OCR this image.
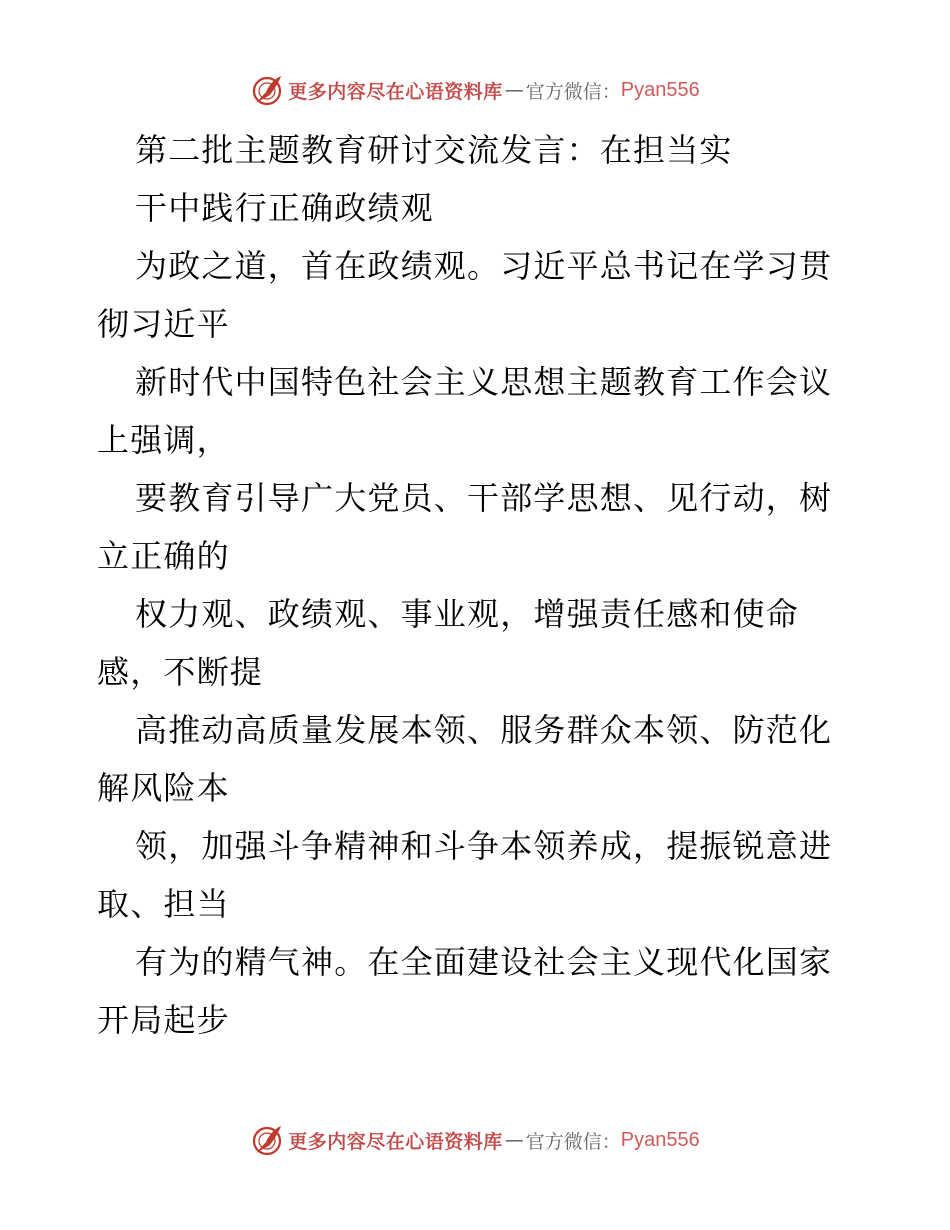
更多内容尽在心语资料库 — 官方微信： Pyan556
第二批主题教育研讨交流发言：在担当实
干中践行正确政绩观
为政之道，首在政绩观。习近平总书记在学习贯
彻习近平
新时代中国特色社会主义思想主题教育工作会议
上强调，
要教育引导广大党员、干部学思想、见行动，树
立正确的
权力观、政绩观、事业观，增强责任感和使命
感，不断提
高推动高质量发展本领、服务群众本领、防范化
解风险本
领，加强斗争精神和斗争本领养成，提振锐意进
取、担当
有为的精气神。在全面建设社会主义现代化国家
开局起步
更多内容尽在心语资料库 — 官方微信： Pyan556
